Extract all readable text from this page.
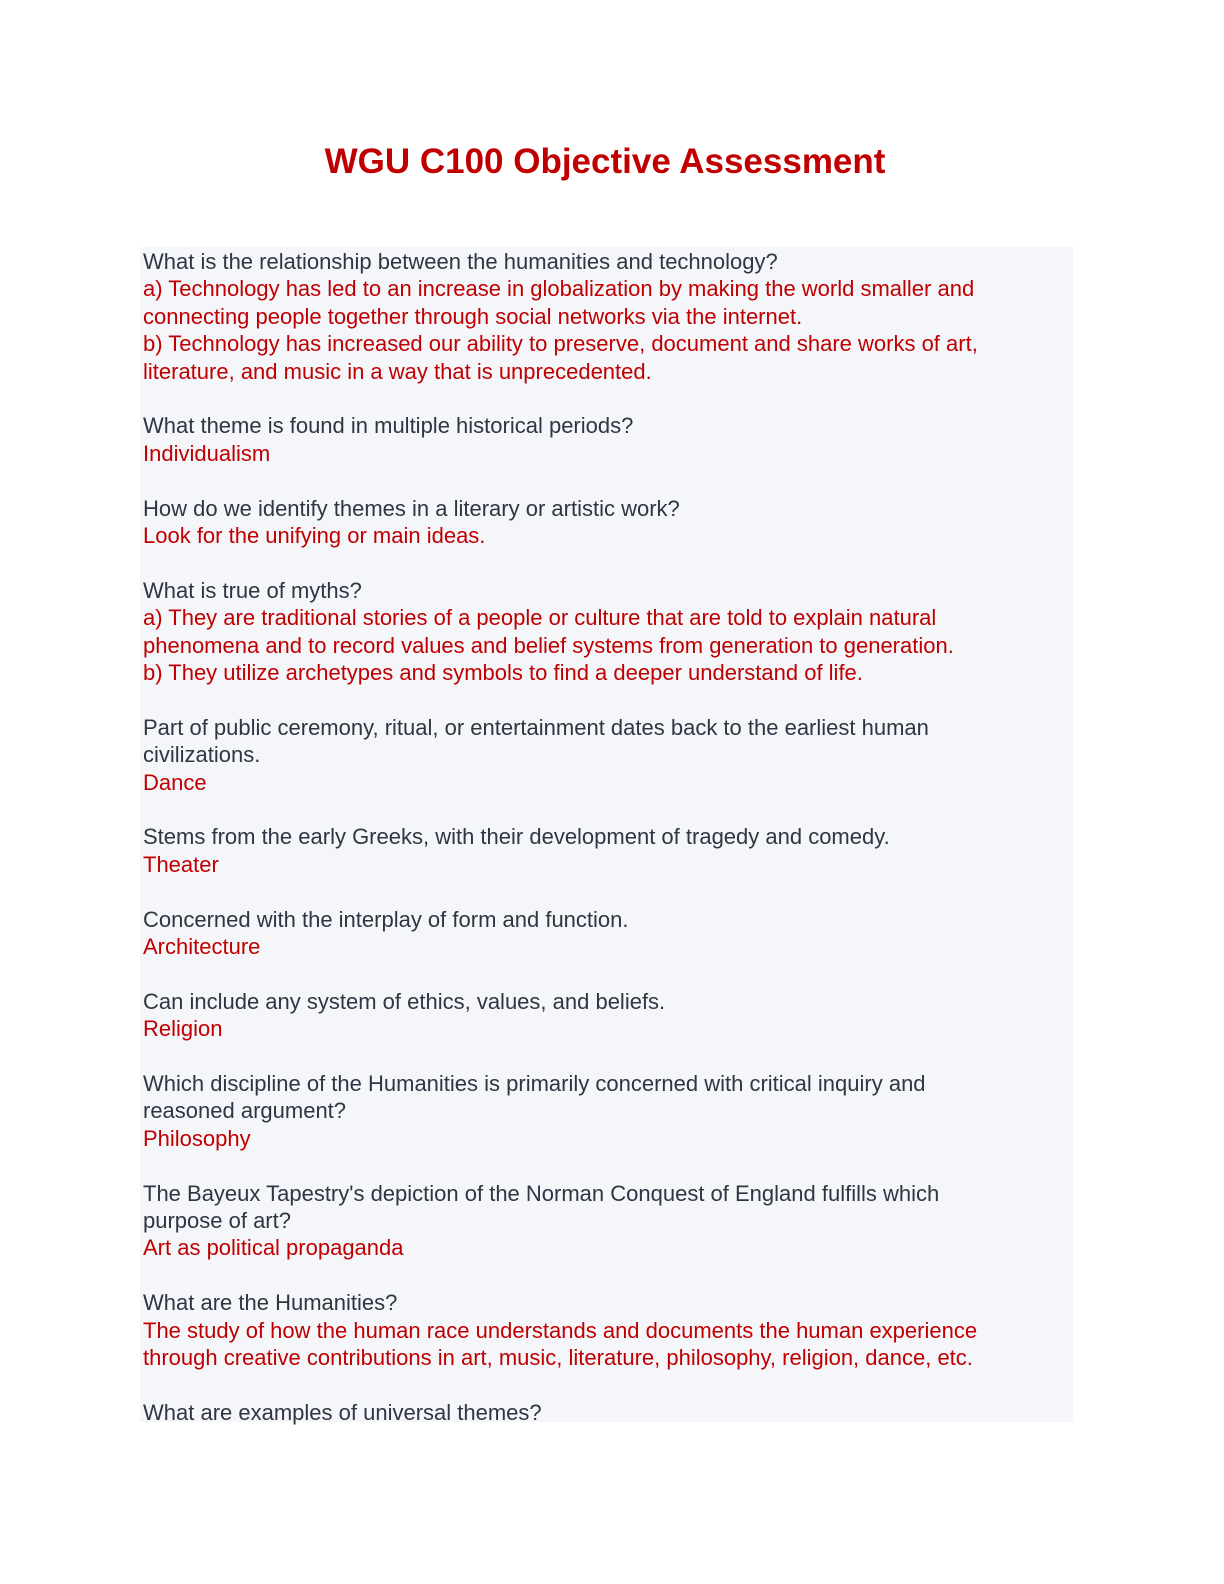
WGU C100 Objective Assessment
What is the relationship between the humanities and technology?
a) Technology has led to an increase in globalization by making the world smaller and
connecting people together through social networks via the internet.
b) Technology has increased our ability to preserve, document and share works of art,
literature, and music in a way that is unprecedented.
What theme is found in multiple historical periods?
Individualism
How do we identify themes in a literary or artistic work?
Look for the unifying or main ideas.
What is true of myths?
a) They are traditional stories of a people or culture that are told to explain natural
phenomena and to record values and belief systems from generation to generation.
b) They utilize archetypes and symbols to find a deeper understand of life.
Part of public ceremony, ritual, or entertainment dates back to the earliest human
civilizations.
Dance
Stems from the early Greeks, with their development of tragedy and comedy.
Theater
Concerned with the interplay of form and function.
Architecture
Can include any system of ethics, values, and beliefs.
Religion
Which discipline of the Humanities is primarily concerned with critical inquiry and
reasoned argument?
Philosophy
The Bayeux Tapestry's depiction of the Norman Conquest of England fulfills which
purpose of art?
Art as political propaganda
What are the Humanities?
The study of how the human race understands and documents the human experience
through creative contributions in art, music, literature, philosophy, religion, dance, etc.
What are examples of universal themes?
